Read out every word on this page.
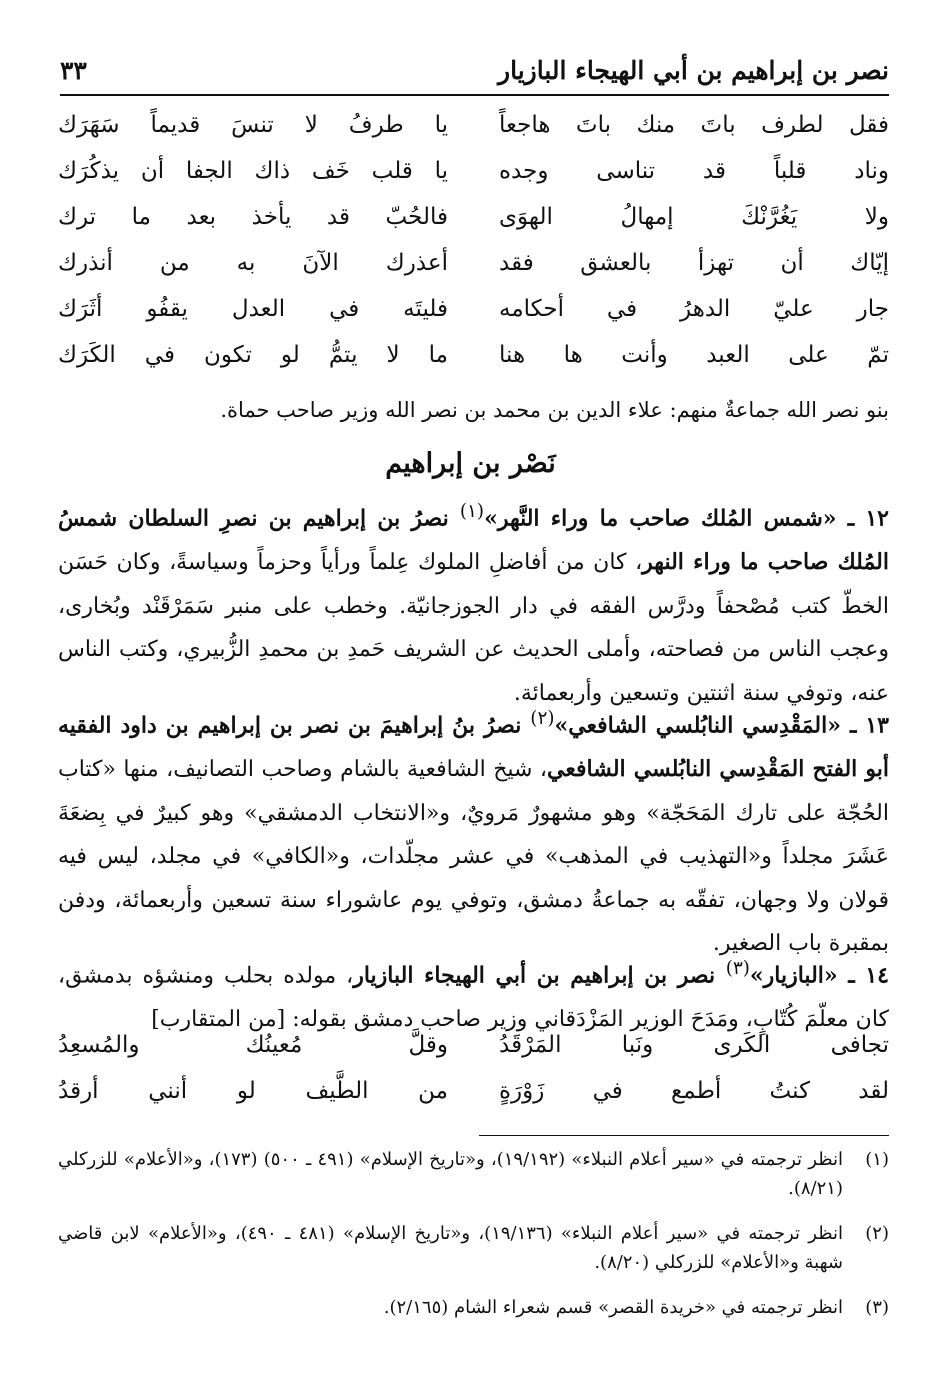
نصر بن إبراهيم بن أبي الهيجاء البازيار
٣٣
فقل لطرف باتَ منك باتَ هاجعاً
يا طرفُ لا تنسَ قديماً سَهَرَك
وناد قلباً قد تناسى وجده
يا قلب خَف ذاك الجفا أن يذكُرَك
ولا يَغُرَّنْكَ إمهالُ الهوَى
فالحُبّ قد يأخذ بعد ما ترك
إيّاك أن تهزأ بالعشق فقد
أعذرك الآنَ به من أنذرك
جار عليّ الدهرُ في أحكامه
فليتَه في العدل يقفُو أثَرَك
تمّ على العبد وأنت ها هنا
ما لا يتمُّ لو تكون في الكَرَك
بنو نصر الله جماعةٌ منهم: علاء الدين بن محمد بن نصر الله وزير صاحب حماة.
نَصْر بن إبراهيم
١٢ ـ «شمس المُلك صاحب ما وراء النَّهر»$^{(١)}$ نصرُ بن إبراهيم بن نصرِ السلطان شمسُ المُلك صاحب ما وراء النهر، كان من أفاضلِ الملوك عِلماً ورأياً وحزماً وسياسةً، وكان حَسَن الخطّ كتب مُصْحفاً ودرَّس الفقه في دار الجوزجانيّة. وخطب على منبر سَمَرْقَنْد وبُخارى، وعجب الناس من فصاحته، وأملى الحديث عن الشريف حَمدِ بن محمدِ الزُّبيري، وكتب الناس عنه، وتوفي سنة اثنتين وتسعين وأربعمائة.
١٣ ـ «المَقْدِسي النابُلسي الشافعي»$^{(٢)}$ نصرُ بنُ إبراهيمَ بن نصر بن إبراهيم بن داود الفقيه أبو الفتح المَقْدِسي النابُلسي الشافعي، شيخ الشافعية بالشام وصاحب التصانيف، منها «كتاب الحُجّة على تارك المَحَجّة» وهو مشهورٌ مَرويٌ، و«الانتخاب الدمشقي» وهو كبيرٌ في بِضعَةَ عَشَرَ مجلداً و«التهذيب في المذهب» في عشر مجلّدات، و«الكافي» في مجلد، ليس فيه قولان ولا وجهان، تفقّه به جماعةُ دمشق، وتوفي يوم عاشوراء سنة تسعين وأربعمائة، ودفن بمقبرة باب الصغير.
١٤ ـ «البازيار»$^{(٣)}$ نصر بن إبراهيم بن أبي الهيجاء البازيار، مولده بحلب ومنشؤه بدمشق، كان معلّمَ كُتّابٍ، ومَدَحَ الوزير المَزْدَقاني وزير صاحب دمشق بقوله: [من المتقارب]
تجافى الكَرى ونَبا المَرْقَدُ
وقلَّ مُعينُك والمُسعِدُ
لقد كنتُ أطمع في زَوْرَةٍ
من الطَّيف لو أنني أرقدُ
(١)
انظر ترجمته في «سير أعلام النبلاء» (١٩/١٩٢)، و«تاريخ الإسلام» (٤٩١ ـ ٥٠٠) (١٧٣)، و«الأعلام» للزركلي (٨/٢١).
(٢)
انظر ترجمته في «سير أعلام النبلاء» (١٩/١٣٦)، و«تاريخ الإسلام» (٤٨١ ـ ٤٩٠)، و«الأعلام» لابن قاضي شهبة و«الأعلام» للزركلي (٨/٢٠).
(٣)
انظر ترجمته في «خريدة القصر» قسم شعراء الشام (٢/١٦٥).
